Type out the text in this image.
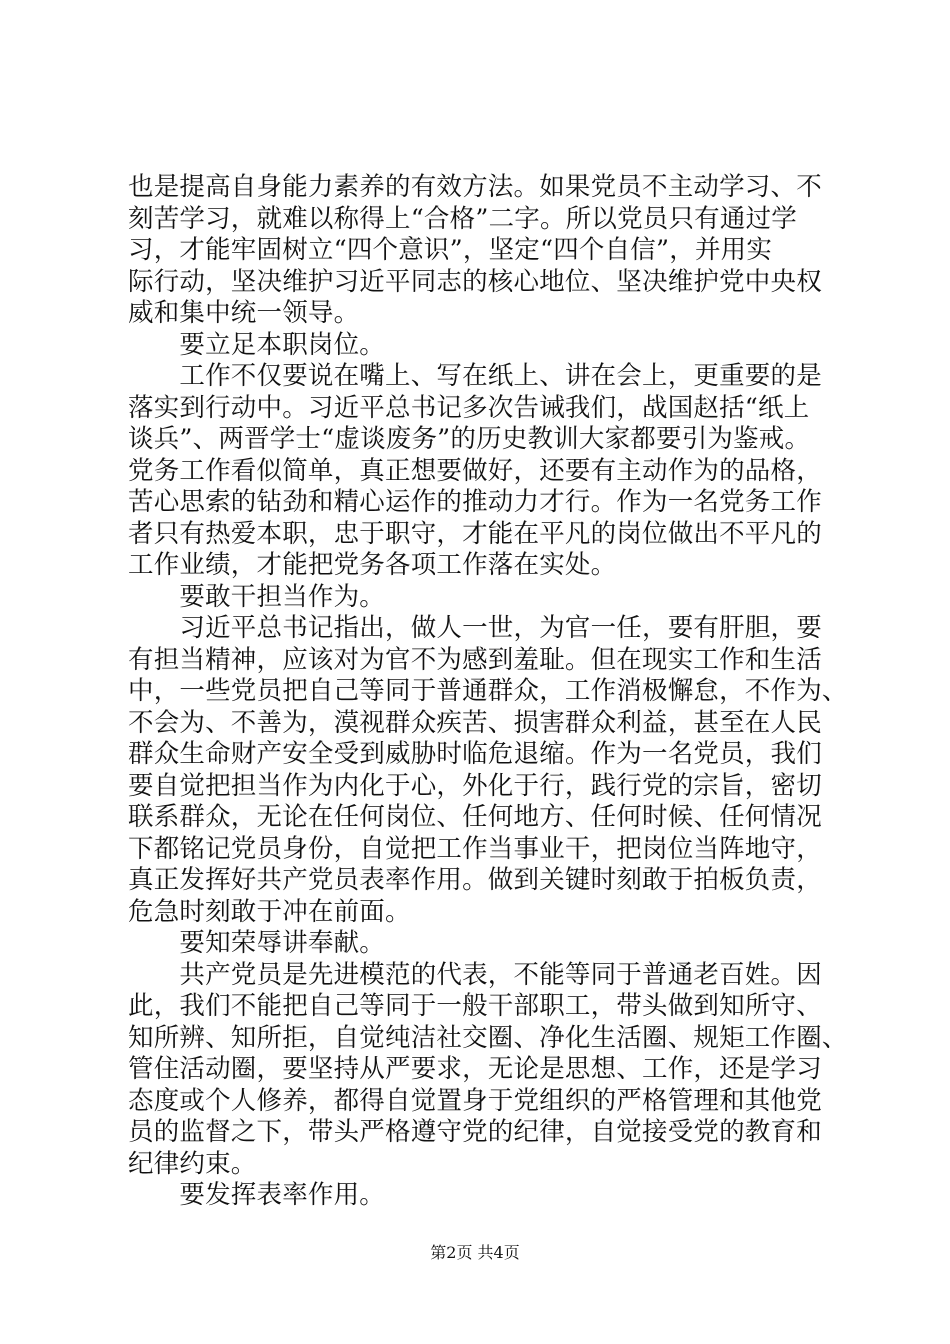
也是提高自身能力素养的有效方法。如果党员不主动学习、不
刻苦学习，就难以称得上“合格”二字。所以党员只有通过学
习，才能牢固树立“四个意识”，坚定“四个自信”，并用实
际行动，坚决维护习近平同志的核心地位、坚决维护党中央权
威和集中统一领导。
　　要立足本职岗位。
　　工作不仅要说在嘴上、写在纸上、讲在会上，更重要的是
落实到行动中。习近平总书记多次告诫我们，战国赵括“纸上
谈兵”、两晋学士“虚谈废务”的历史教训大家都要引为鉴戒。
党务工作看似简单，真正想要做好，还要有主动作为的品格，
苦心思索的钻劲和精心运作的推动力才行。作为一名党务工作
者只有热爱本职，忠于职守，才能在平凡的岗位做出不平凡的
工作业绩，才能把党务各项工作落在实处。
　　要敢干担当作为。
　　习近平总书记指出，做人一世，为官一任，要有肝胆，要
有担当精神，应该对为官不为感到羞耻。但在现实工作和生活
中，一些党员把自己等同于普通群众，工作消极懈怠，不作为、
不会为、不善为，漠视群众疾苦、损害群众利益，甚至在人民
群众生命财产安全受到威胁时临危退缩。作为一名党员，我们
要自觉把担当作为内化于心，外化于行，践行党的宗旨，密切
联系群众，无论在任何岗位、任何地方、任何时候、任何情况
下都铭记党员身份，自觉把工作当事业干，把岗位当阵地守，
真正发挥好共产党员表率作用。做到关键时刻敢于拍板负责，
危急时刻敢于冲在前面。
　　要知荣辱讲奉献。
　　共产党员是先进模范的代表，不能等同于普通老百姓。因
此，我们不能把自己等同于一般干部职工，带头做到知所守、
知所辨、知所拒，自觉纯洁社交圈、净化生活圈、规矩工作圈、
管住活动圈，要坚持从严要求，无论是思想、工作，还是学习
态度或个人修养，都得自觉置身于党组织的严格管理和其他党
员的监督之下，带头严格遵守党的纪律，自觉接受党的教育和
纪律约束。
　　要发挥表率作用。
第2页 共4页
